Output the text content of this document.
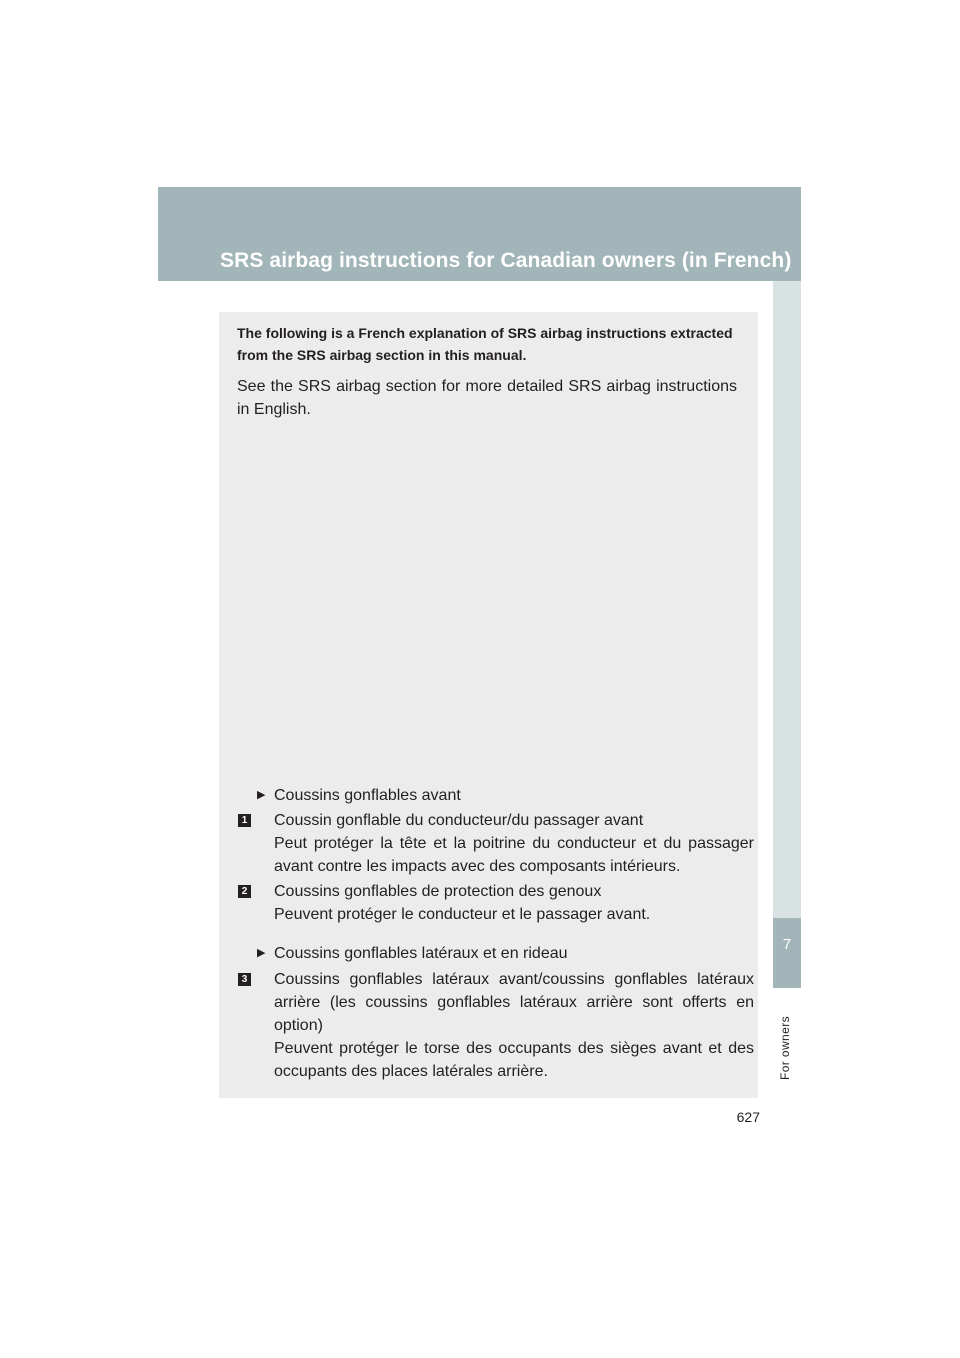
SRS airbag instructions for Canadian owners (in French)
7
For owners

The following is a French explanation of SRS airbag instructions extracted from the SRS airbag section in this manual.

See the SRS airbag section for more detailed SRS airbag instructions in English.

▶ Coussins gonflables avant
1 Coussin gonflable du conducteur/du passager avant
Peut protéger la tête et la poitrine du conducteur et du passager avant contre les impacts avec des composants intérieurs.
2 Coussins gonflables de protection des genoux
Peuvent protéger le conducteur et le passager avant.
▶ Coussins gonflables latéraux et en rideau
3 Coussins gonflables latéraux avant/coussins gonflables latéraux arrière (les coussins gonflables latéraux arrière sont offerts en option)
Peuvent protéger le torse des occupants des sièges avant et des occupants des places latérales arrière.
627
